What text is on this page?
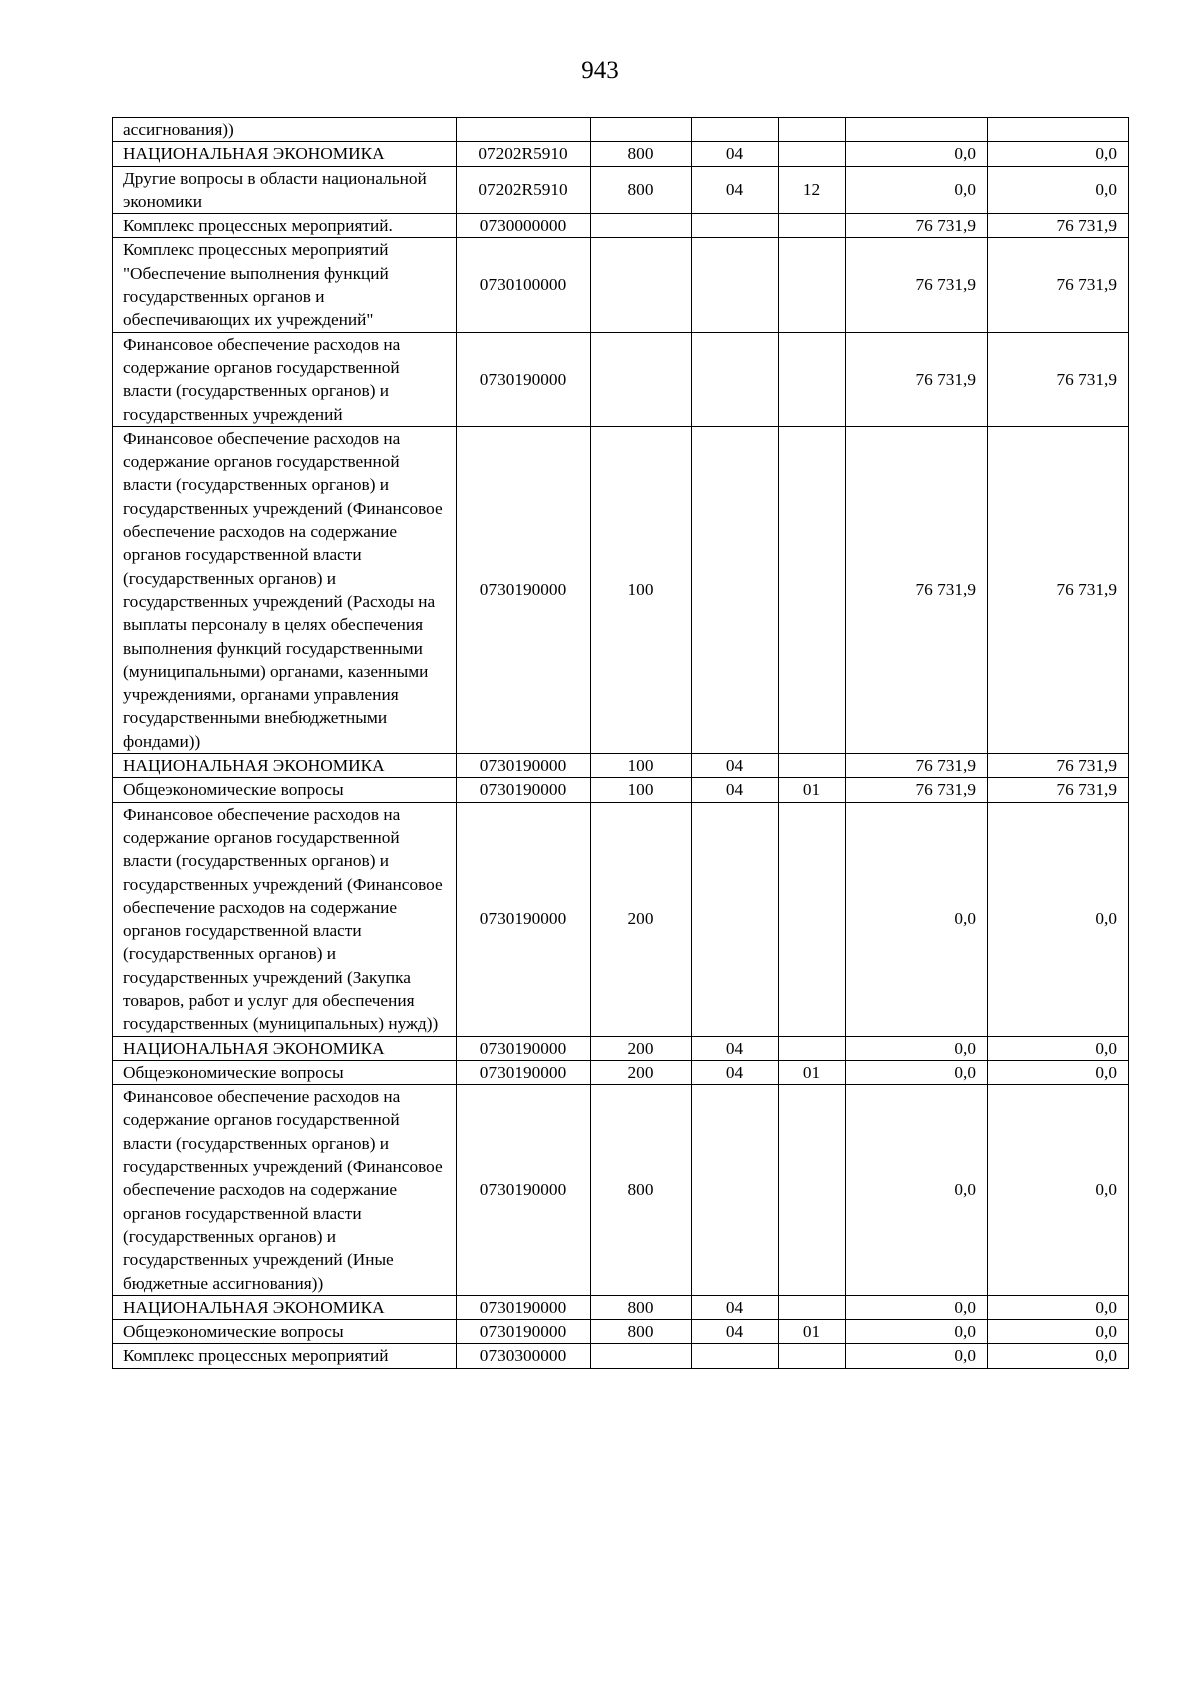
943
ассигнования))						
НАЦИОНАЛЬНАЯ ЭКОНОМИКА	07202R5910	800	04		0,0	0,0
Другие вопросы в области национальной экономики	07202R5910	800	04	12	0,0	0,0
Комплекс процессных мероприятий.	0730000000				76 731,9	76 731,9
Комплекс процессных мероприятий "Обеспечение выполнения функций государственных органов и обеспечивающих их учреждений"	0730100000				76 731,9	76 731,9
Финансовое обеспечение расходов на содержание органов государственной власти (государственных органов) и государственных учреждений	0730190000				76 731,9	76 731,9
Финансовое обеспечение расходов на содержание органов государственной власти (государственных органов) и государственных учреждений (Финансовое обеспечение расходов на содержание органов государственной власти (государственных органов) и государственных учреждений (Расходы на выплаты персоналу в целях обеспечения выполнения функций государственными (муниципальными) органами, казенными учреждениями, органами управления государственными внебюджетными фондами))	0730190000	100			76 731,9	76 731,9
НАЦИОНАЛЬНАЯ ЭКОНОМИКА	0730190000	100	04		76 731,9	76 731,9
Общеэкономические вопросы	0730190000	100	04	01	76 731,9	76 731,9
Финансовое обеспечение расходов на содержание органов государственной власти (государственных органов) и государственных учреждений (Финансовое обеспечение расходов на содержание органов государственной власти (государственных органов) и государственных учреждений (Закупка товаров, работ и услуг для обеспечения государственных (муниципальных) нужд))	0730190000	200			0,0	0,0
НАЦИОНАЛЬНАЯ ЭКОНОМИКА	0730190000	200	04		0,0	0,0
Общеэкономические вопросы	0730190000	200	04	01	0,0	0,0
Финансовое обеспечение расходов на содержание органов государственной власти (государственных органов) и государственных учреждений (Финансовое обеспечение расходов на содержание органов государственной власти (государственных органов) и государственных учреждений (Иные бюджетные ассигнования))	0730190000	800			0,0	0,0
НАЦИОНАЛЬНАЯ ЭКОНОМИКА	0730190000	800	04		0,0	0,0
Общеэкономические вопросы	0730190000	800	04	01	0,0	0,0
Комплекс процессных мероприятий	0730300000				0,0	0,0
